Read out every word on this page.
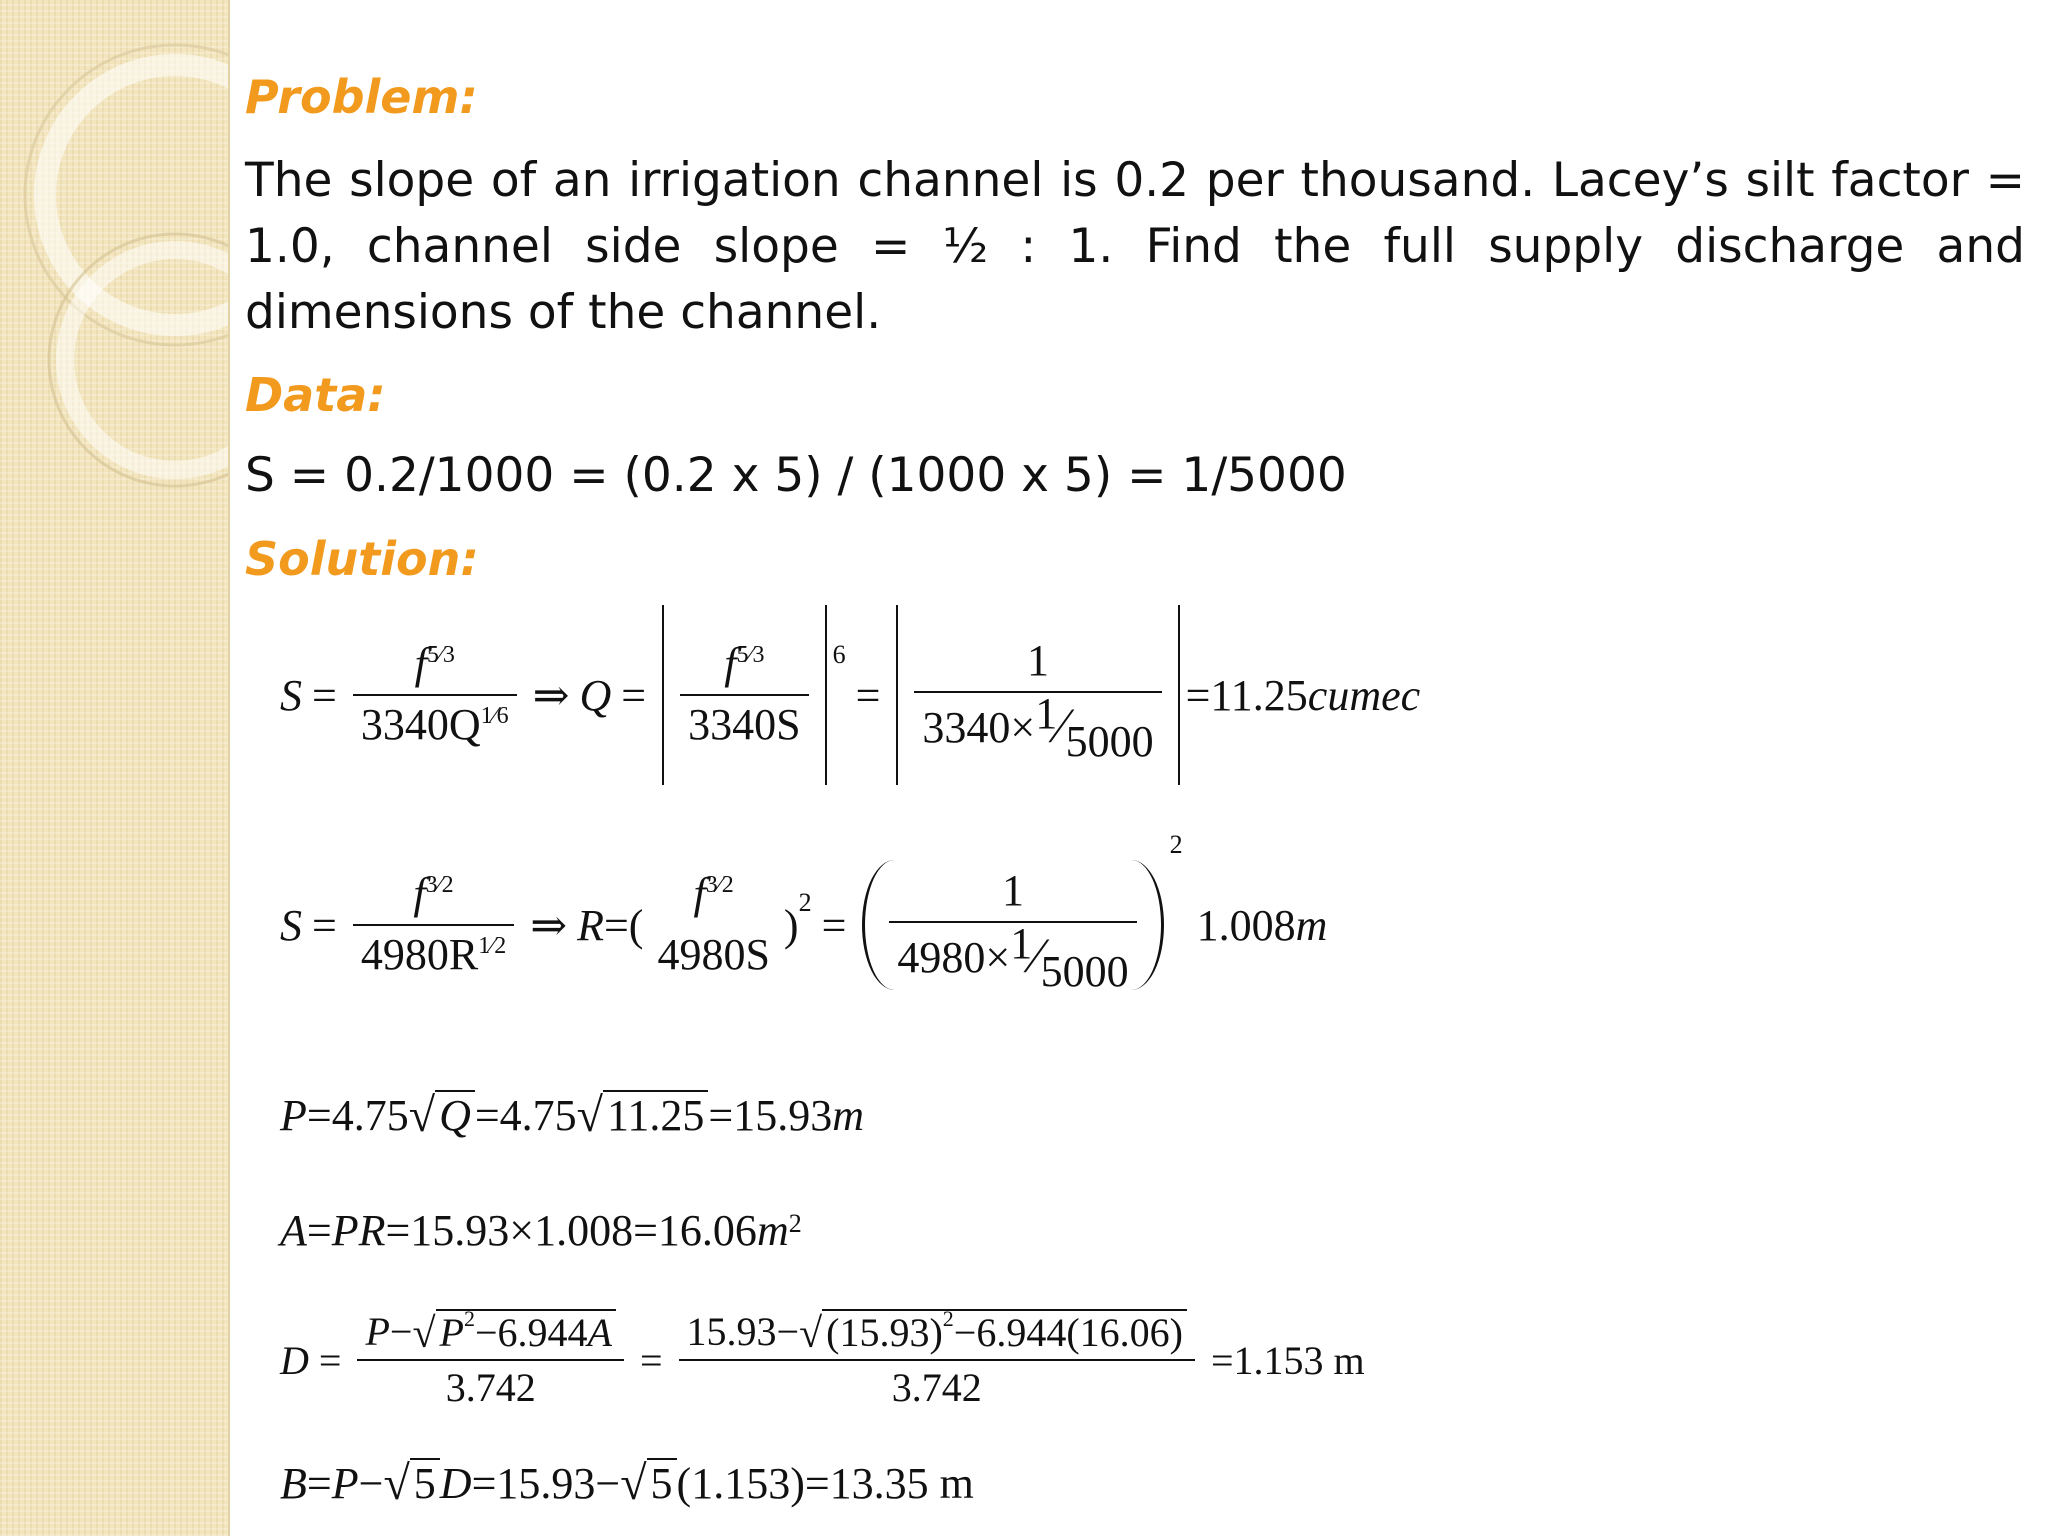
Problem:
The slope of an irrigation channel is 0.2 per thousand. Lacey’s silt factor = 1.0, channel side slope = ½ : 1. Find the full supply discharge and dimensions of the channel.
Data:
S = 0.2/1000 = (0.2 x 5) / (1000 x 5) = 1/5000
Solution:
$S = \frac{f^{5⁄3}}{3340Q^{1⁄6}}$ ⇒ $Q = \frac{f^{5⁄3}}{3340S} 6$
= $\frac{1}{3340\times 1⁄5000} =11.25$ cumec
$S = \frac{f^{3⁄2}}{4980R^{1⁄2}}$ ⇒ R =(
$f^{3⁄2}$
4980S
) $2 = \frac{1}{4980\times 1⁄5000}$
2
1.008 m
P =4.75 √ Q =4.75 √ 11.25 =15.93 m
A = PR =15.93×1.008=16.06 m 2
$D = \frac{P - √ P^2-6.944A}{3.742} = \frac{15.93- √ (15.93)^2-6.944(16.06)}{3.742} =1.153$ m
B = P − √ 5 D =15.93− √ 5 (1.153)=13.35 m
